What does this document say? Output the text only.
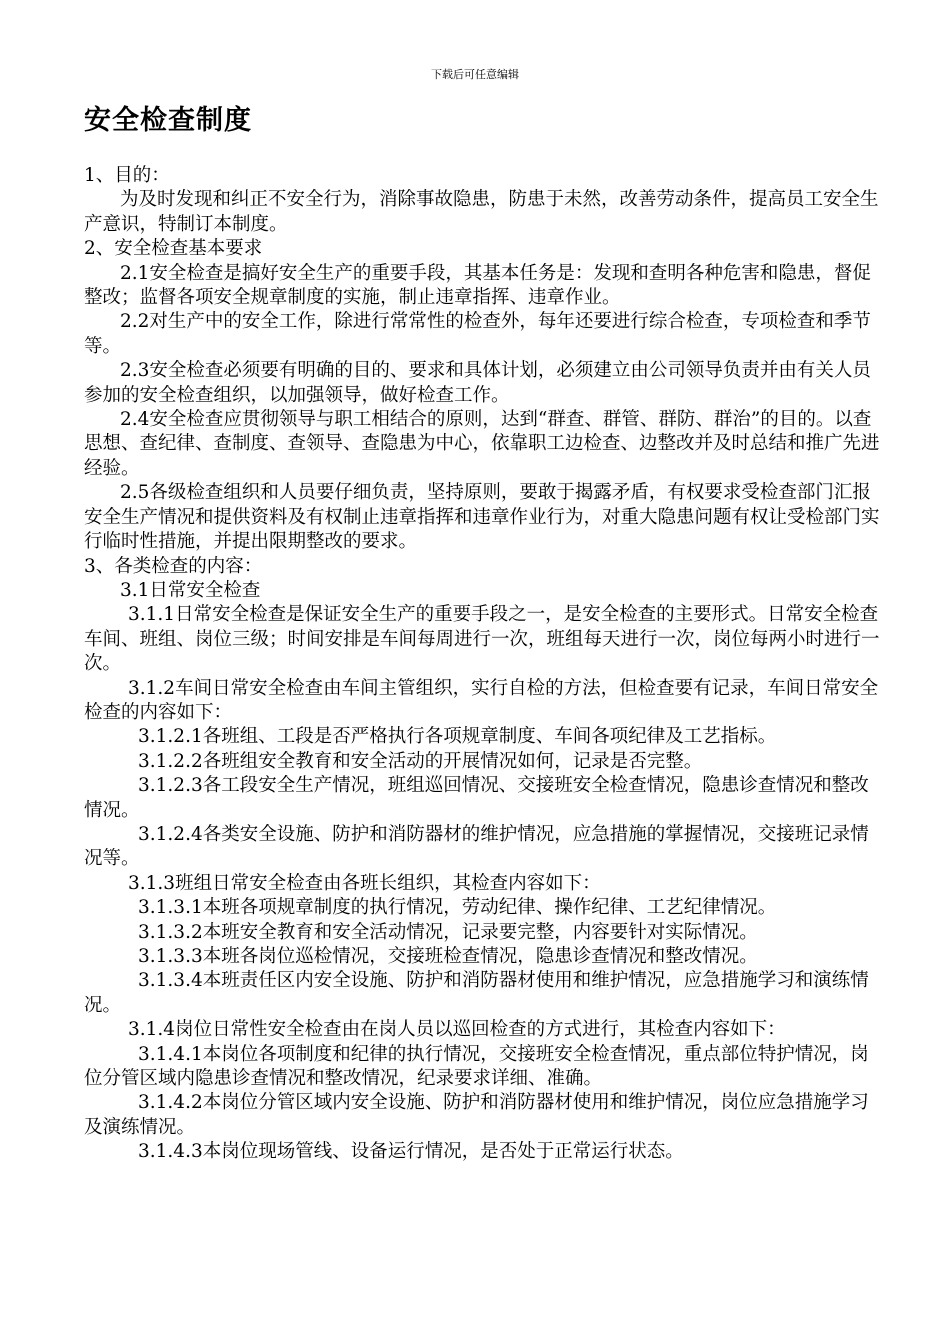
下载后可任意编辑
安全检查制度

1、目的：

为及时发现和纠正不安全行为，消除事故隐患，防患于未然，改善劳动条件，提高员工安全生产意识，特制订本制度。

2、安全检查基本要求

2.1安全检查是搞好安全生产的重要手段，其基本任务是：发现和查明各种危害和隐患，督促整改；监督各项安全规章制度的实施，制止违章指挥、违章作业。

2.2对生产中的安全工作，除进行常常性的检查外，每年还要进行综合检查，专项检查和季节等。

2.3安全检查必须要有明确的目的、要求和具体计划，必须建立由公司领导负责并由有关人员参加的安全检查组织，以加强领导，做好检查工作。

2.4安全检查应贯彻领导与职工相结合的原则，达到“群查、群管、群防、群治”的目的。以查思想、查纪律、查制度、查领导、查隐患为中心，依靠职工边检查、边整改并及时总结和推广先进经验。

2.5各级检查组织和人员要仔细负责，坚持原则，要敢于揭露矛盾，有权要求受检查部门汇报安全生产情况和提供资料及有权制止违章指挥和违章作业行为，对重大隐患问题有权让受检部门实行临时性措施，并提出限期整改的要求。

3、各类检查的内容：

3.1日常安全检查

3.1.1日常安全检查是保证安全生产的重要手段之一，是安全检查的主要形式。日常安全检查车间、班组、岗位三级；时间安排是车间每周进行一次，班组每天进行一次，岗位每两小时进行一次。

3.1.2车间日常安全检查由车间主管组织，实行自检的方法，但检查要有记录，车间日常安全检查的内容如下：

3.1.2.1各班组、工段是否严格执行各项规章制度、车间各项纪律及工艺指标。

3.1.2.2各班组安全教育和安全活动的开展情况如何，记录是否完整。

3.1.2.3各工段安全生产情况，班组巡回情况、交接班安全检查情况，隐患诊查情况和整改情况。

3.1.2.4各类安全设施、防护和消防器材的维护情况，应急措施的掌握情况，交接班记录情况等。

3.1.3班组日常安全检查由各班长组织，其检查内容如下：

3.1.3.1本班各项规章制度的执行情况，劳动纪律、操作纪律、工艺纪律情况。

3.1.3.2本班安全教育和安全活动情况，记录要完整，内容要针对实际情况。

3.1.3.3本班各岗位巡检情况，交接班检查情况，隐患诊查情况和整改情况。

3.1.3.4本班责任区内安全设施、防护和消防器材使用和维护情况，应急措施学习和演练情况。

3.1.4岗位日常性安全检查由在岗人员以巡回检查的方式进行，其检查内容如下：

3.1.4.1本岗位各项制度和纪律的执行情况，交接班安全检查情况，重点部位特护情况，岗位分管区域内隐患诊查情况和整改情况，纪录要求详细、准确。

3.1.4.2本岗位分管区域内安全设施、防护和消防器材使用和维护情况，岗位应急措施学习及演练情况。

3.1.4.3本岗位现场管线、设备运行情况，是否处于正常运行状态。
